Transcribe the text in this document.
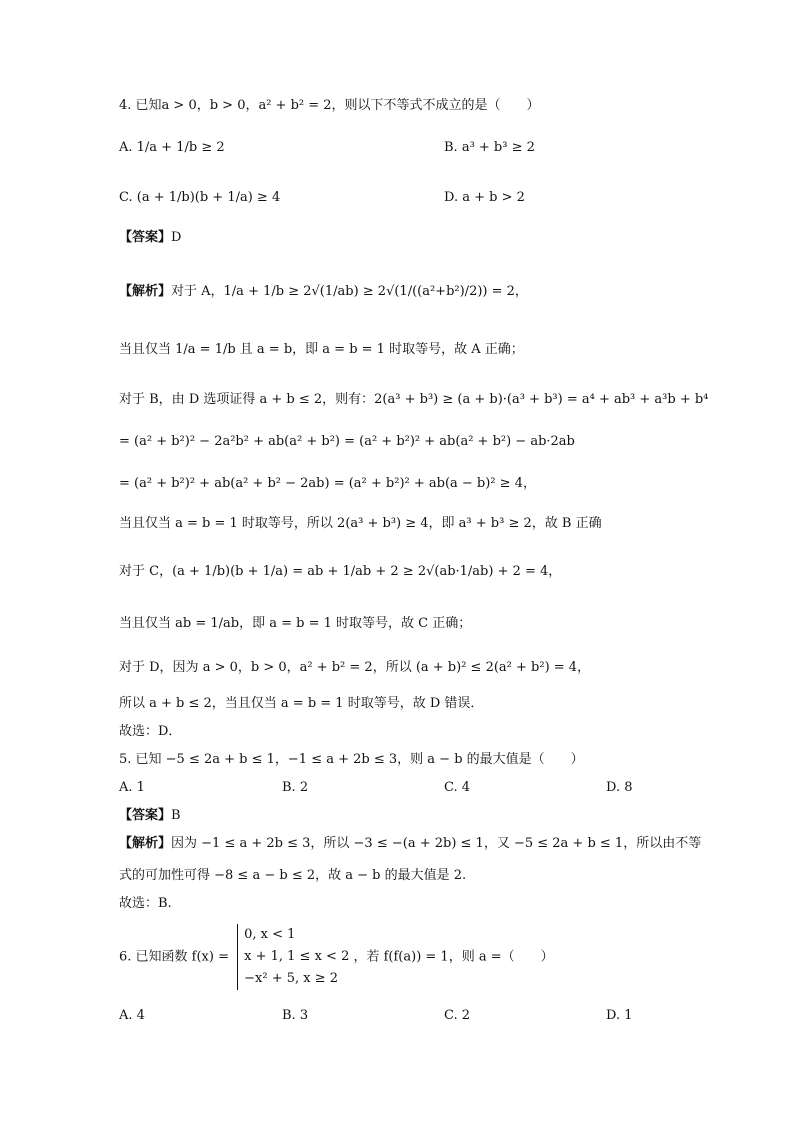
4. 已知a > 0，b > 0，a² + b² = 2，则以下不等式不成立的是（　　）
A. 1/a + 1/b ≥ 2	B. a³ + b³ ≥ 2
C. (a + 1/b)(b + 1/a) ≥ 4	D. a + b > 2
【答案】D
【解析】对于 A，1/a + 1/b ≥ 2√(1/ab) ≥ 2√(1/((a²+b²)/2)) = 2，
当且仅当 1/a = 1/b 且 a = b，即 a = b = 1 时取等号，故 A 正确；
对于 B，由 D 选项证得 a + b ≤ 2，则有：2(a³ + b³) ≥ (a + b)·(a³ + b³) = a⁴ + ab³ + a³b + b⁴
= (a² + b²)² − 2a²b² + ab(a² + b²) = (a² + b²)² + ab(a² + b²) − ab·2ab
= (a² + b²)² + ab(a² + b² − 2ab) = (a² + b²)² + ab(a − b)² ≥ 4，
当且仅当 a = b = 1 时取等号，所以 2(a³ + b³) ≥ 4，即 a³ + b³ ≥ 2，故 B 正确
对于 C，(a + 1/b)(b + 1/a) = ab + 1/ab + 2 ≥ 2√(ab·1/ab) + 2 = 4，
当且仅当 ab = 1/ab，即 a = b = 1 时取等号，故 C 正确；
对于 D，因为 a > 0，b > 0，a² + b² = 2，所以 (a + b)² ≤ 2(a² + b²) = 4，
所以 a + b ≤ 2，当且仅当 a = b = 1 时取等号，故 D 错误．
故选：D．
5. 已知 −5 ≤ 2a + b ≤ 1，−1 ≤ a + 2b ≤ 3，则 a − b 的最大值是（　　）
A. 1	B. 2	C. 4	D. 8
【答案】B
【解析】因为 −1 ≤ a + 2b ≤ 3，所以 −3 ≤ −(a + 2b) ≤ 1，又 −5 ≤ 2a + b ≤ 1，所以由不等
式的可加性可得 −8 ≤ a − b ≤ 2，故 a − b 的最大值是 2.
故选：B.
6. 已知函数 f(x) =
0, x < 1
x + 1, 1 ≤ x < 2
−x² + 5, x ≥ 2
，若 f(f(a)) = 1，则 a =（　　）
A. 4	B. 3	C. 2	D. 1
